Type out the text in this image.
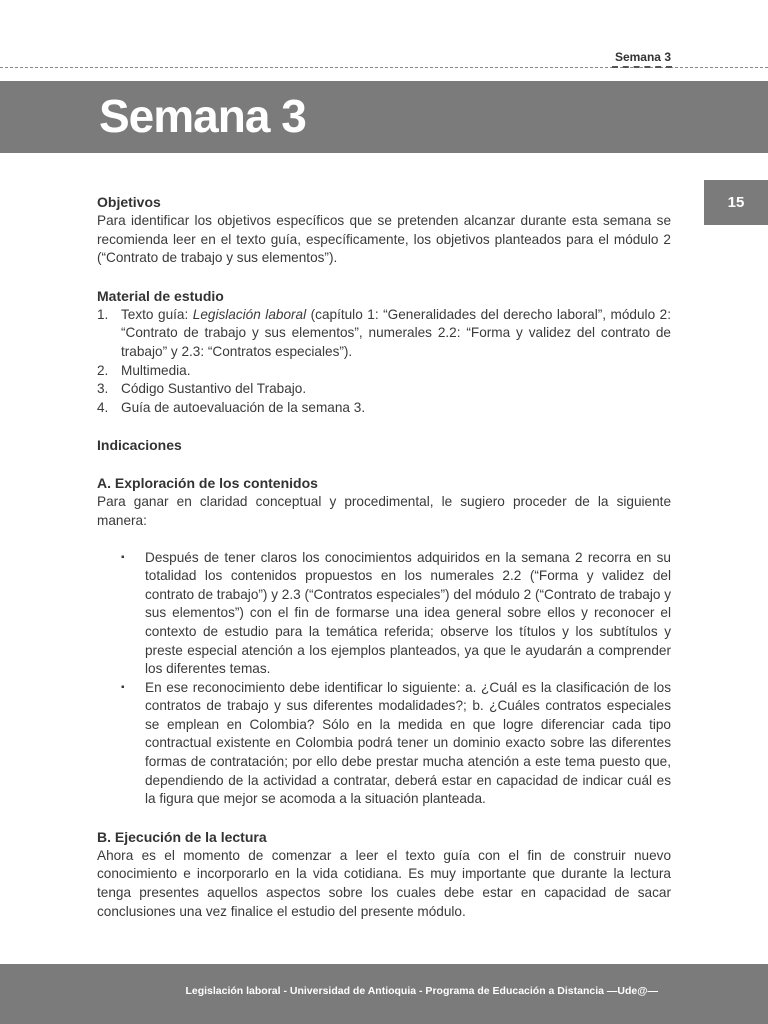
Semana 3
Semana 3
15
Objetivos

Para identificar los objetivos específicos que se pretenden alcanzar durante esta semana se recomienda leer en el texto guía, específicamente, los objetivos planteados para el módulo 2 (“Contrato de trabajo y sus elementos”).

Material de estudio
1. Texto guía: Legislación laboral (capítulo 1: “Generalidades del derecho laboral”, módulo 2: “Contrato de trabajo y sus elementos”, numerales 2.2: “Forma y validez del contrato de trabajo” y 2.3: “Contratos especiales”).
2. Multimedia.
3. Código Sustantivo del Trabajo.
4. Guía de autoevaluación de la semana 3.
Indicaciones
A. Exploración de los contenidos

Para ganar en claridad conceptual y procedimental, le sugiero proceder de la siguiente manera:

▪ Después de tener claros los conocimientos adquiridos en la semana 2 recorra en su totalidad los contenidos propuestos en los numerales 2.2 (“Forma y validez del contrato de trabajo”) y 2.3 (“Contratos especiales”) del módulo 2 (“Contrato de trabajo y sus elementos”) con el fin de formarse una idea general sobre ellos y reconocer el contexto de estudio para la temática referida; observe los títulos y los subtítulos y preste especial atención a los ejemplos planteados, ya que le ayudarán a comprender los diferentes temas.
▪ En ese reconocimiento debe identificar lo siguiente: a. ¿Cuál es la clasificación de los contratos de trabajo y sus diferentes modalidades?; b. ¿Cuáles contratos especiales se emplean en Colombia? Sólo en la medida en que logre diferenciar cada tipo contractual existente en Colombia podrá tener un dominio exacto sobre las diferentes formas de contratación; por ello debe prestar mucha atención a este tema puesto que, dependiendo de la actividad a contratar, deberá estar en capacidad de indicar cuál es la figura que mejor se acomoda a la situación planteada.
B. Ejecución de la lectura

Ahora es el momento de comenzar a leer el texto guía con el fin de construir nuevo conocimiento e incorporarlo en la vida cotidiana. Es muy importante que durante la lectura tenga presentes aquellos aspectos sobre los cuales debe estar en capacidad de sacar conclusiones una vez finalice el estudio del presente módulo.

Legislación laboral - Universidad de Antioquia - Programa de Educación a Distancia —Ude@—
